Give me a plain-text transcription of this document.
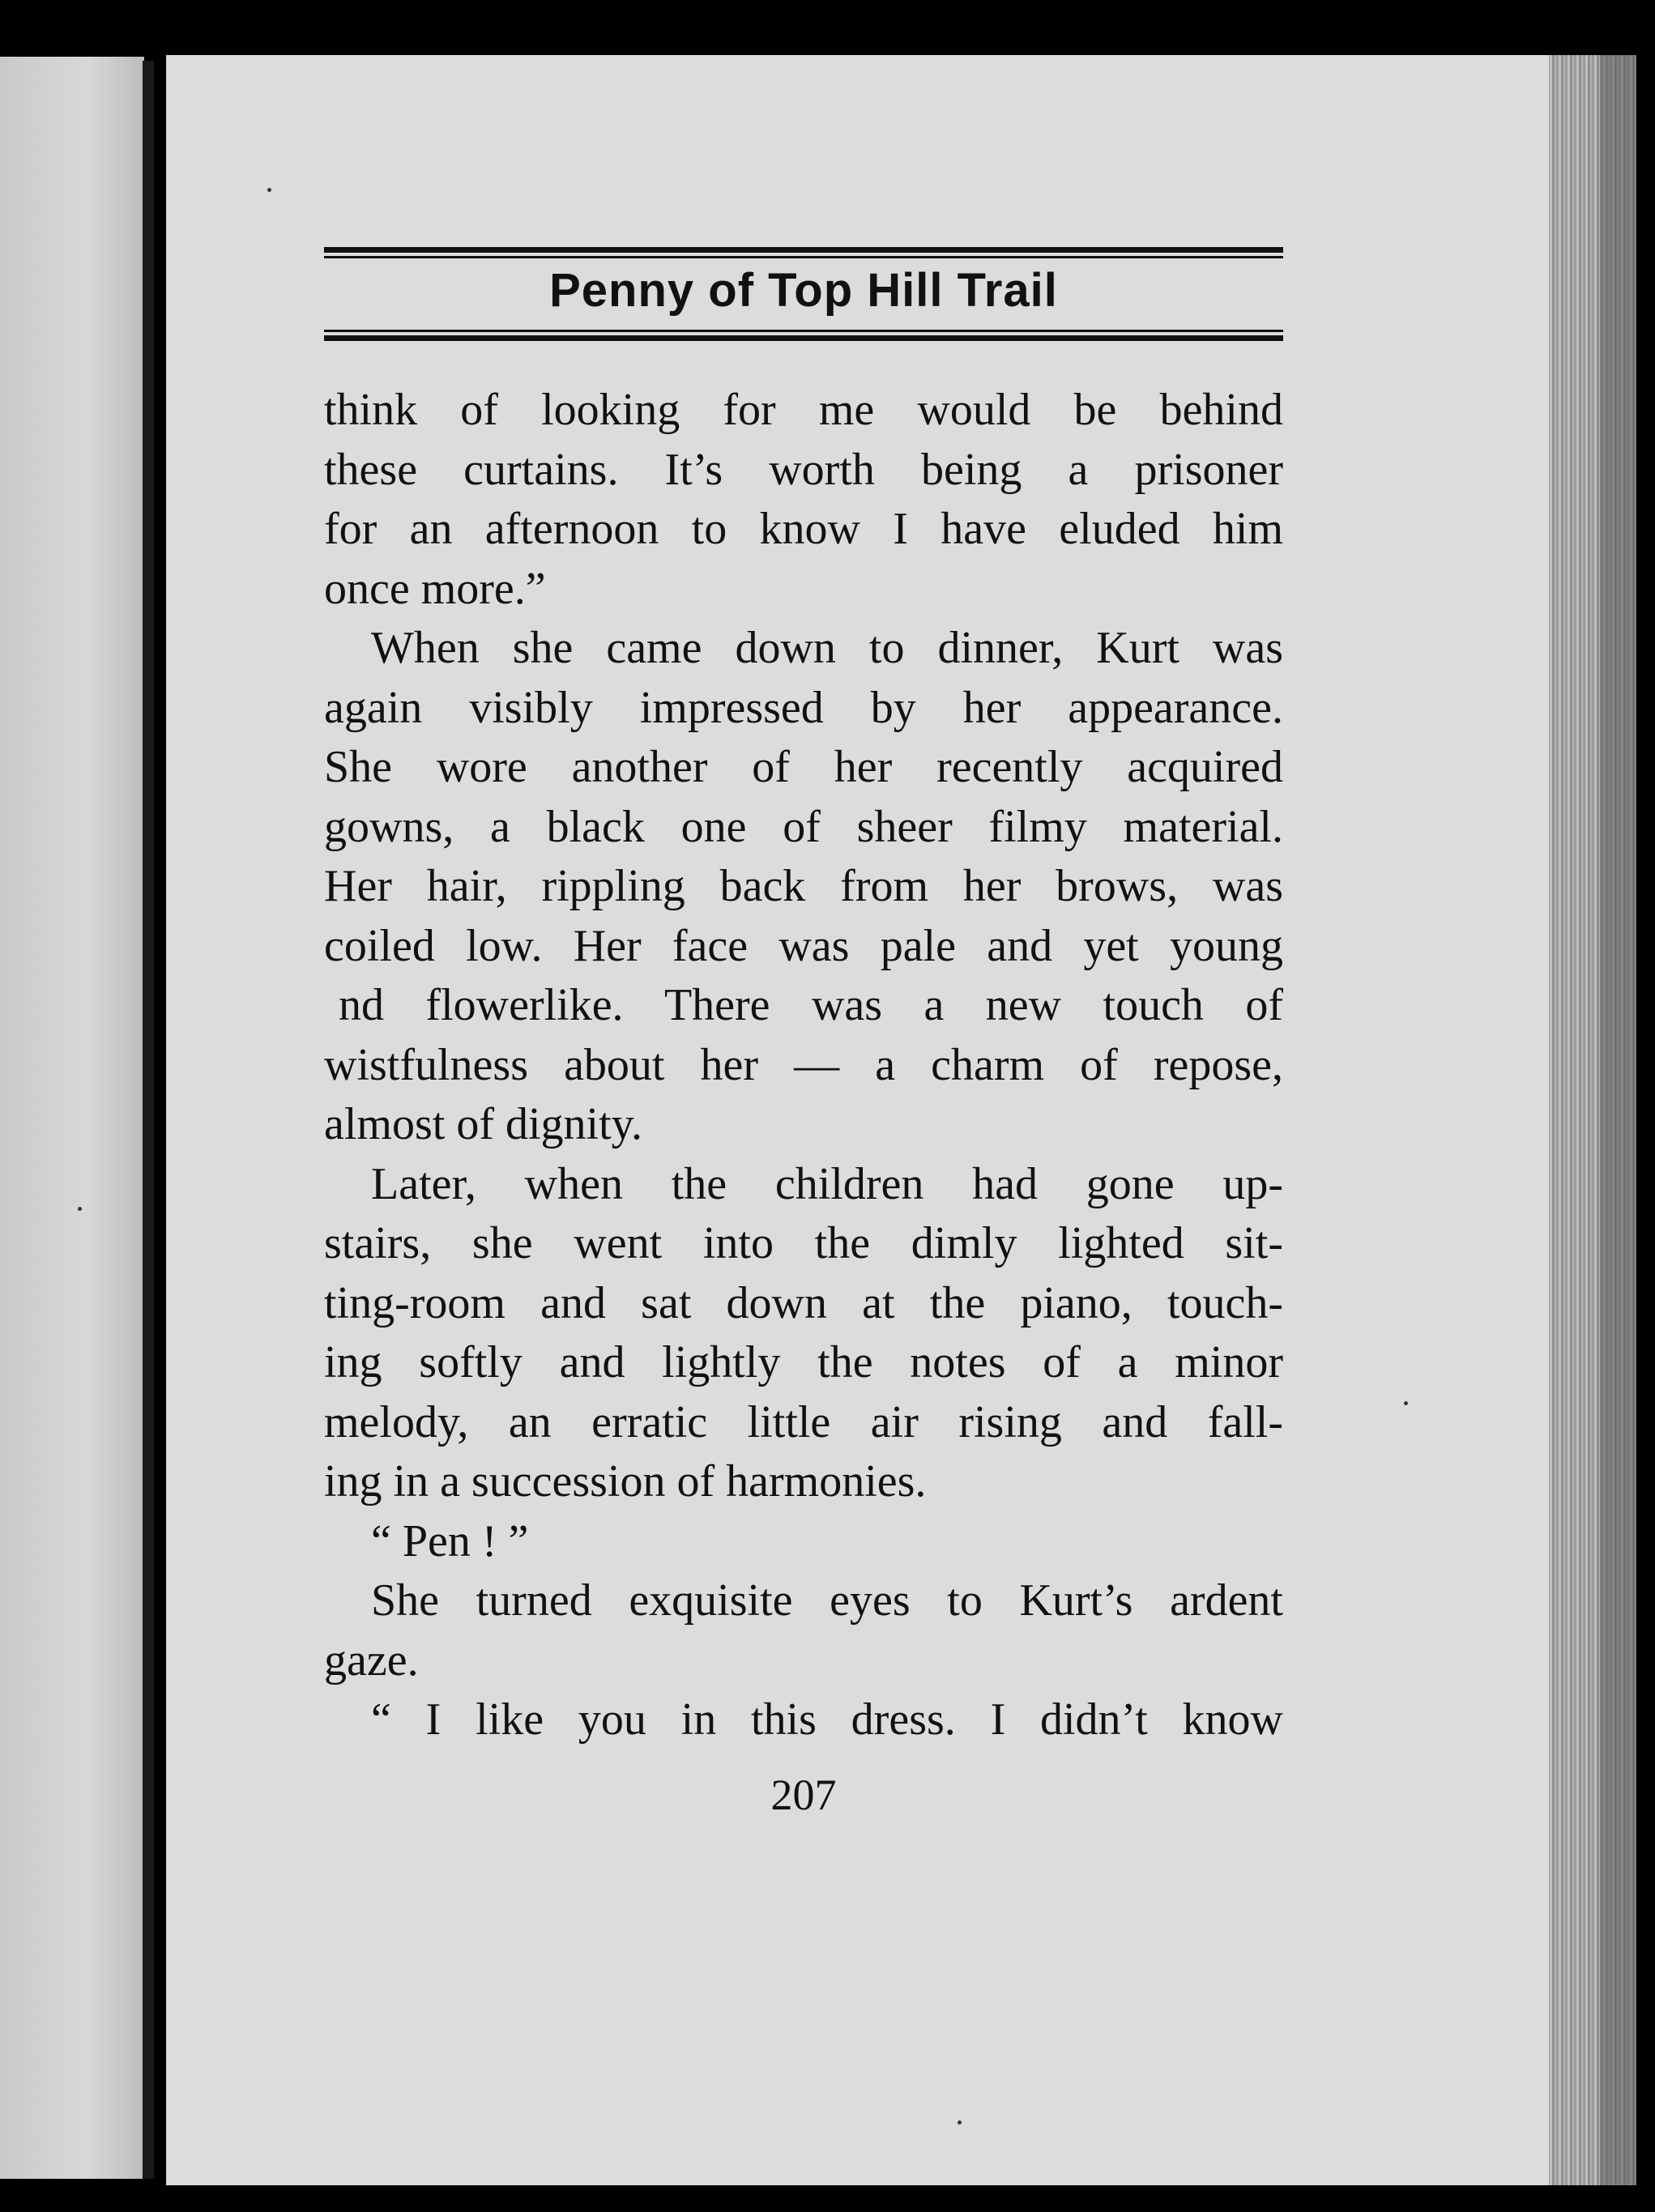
Penny of Top Hill Trail

think of looking for me would be behind

these curtains. It’s worth being a prisoner

for an afternoon to know I have eluded him

once more.”

When she came down to dinner, Kurt was

again visibly impressed by her appearance.

She wore another of her recently acquired

gowns, a black one of sheer filmy material.

Her hair, rippling back from her brows, was

coiled low. Her face was pale and yet young

nd flowerlike. There was a new touch of

wistfulness about her — a charm of repose,

almost of dignity.

Later, when the children had gone up-

stairs, she went into the dimly lighted sit-

ting-room and sat down at the piano, touch-

ing softly and lightly the notes of a minor

melody, an erratic little air rising and fall-

ing in a succession of harmonies.

“ Pen ! ”

She turned exquisite eyes to Kurt’s ardent

gaze.

“ I like you in this dress. I didn’t know

207
